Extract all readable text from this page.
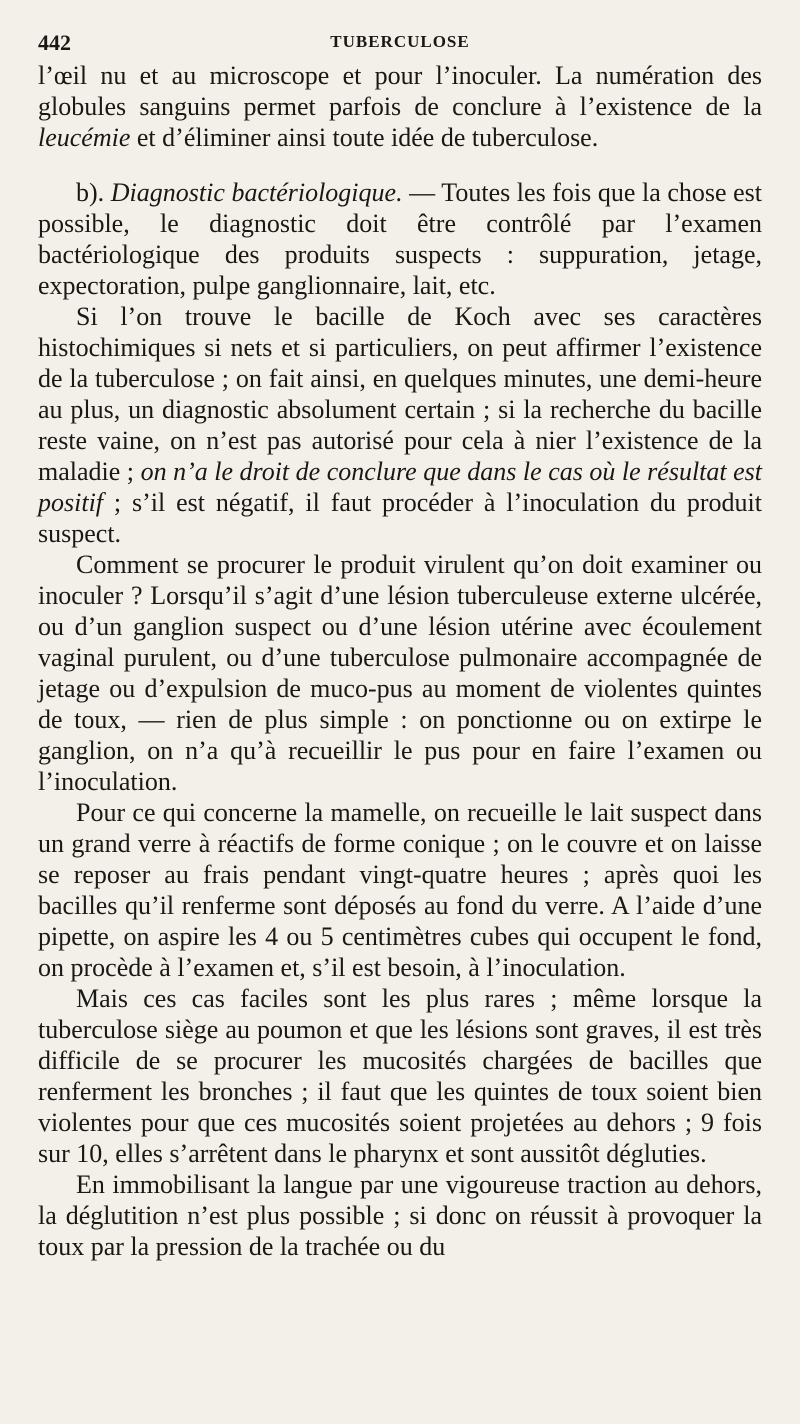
442	TUBERCULOSE

l’œil nu et au microscope et pour l’inoculer. La numération des globules sanguins permet parfois de conclure à l’existence de la leucémie et d’éliminer ainsi toute idée de tuberculose.

b). Diagnostic bactériologique. — Toutes les fois que la chose est possible, le diagnostic doit être contrôlé par l’examen bactériologique des produits suspects : suppuration, jetage, expectoration, pulpe ganglionnaire, lait, etc.

Si l’on trouve le bacille de Koch avec ses caractères histochimiques si nets et si particuliers, on peut affirmer l’existence de la tuberculose ; on fait ainsi, en quelques minutes, une demi-heure au plus, un diagnostic absolument certain ; si la recherche du bacille reste vaine, on n’est pas autorisé pour cela à nier l’existence de la maladie ; on n’a le droit de conclure que dans le cas où le résultat est positif ; s’il est négatif, il faut procéder à l’inoculation du produit suspect.

Comment se procurer le produit virulent qu’on doit examiner ou inoculer ? Lorsqu’il s’agit d’une lésion tuberculeuse externe ulcérée, ou d’un ganglion suspect ou d’une lésion utérine avec écoulement vaginal purulent, ou d’une tuberculose pulmonaire accompagnée de jetage ou d’expulsion de muco-pus au moment de violentes quintes de toux, — rien de plus simple : on ponctionne ou on extirpe le ganglion, on n’a qu’à recueillir le pus pour en faire l’examen ou l’inoculation.

Pour ce qui concerne la mamelle, on recueille le lait suspect dans un grand verre à réactifs de forme conique ; on le couvre et on laisse se reposer au frais pendant vingt-quatre heures ; après quoi les bacilles qu’il renferme sont déposés au fond du verre. A l’aide d’une pipette, on aspire les 4 ou 5 centimètres cubes qui occupent le fond, on procède à l’examen et, s’il est besoin, à l’inoculation.

Mais ces cas faciles sont les plus rares ; même lorsque la tuberculose siège au poumon et que les lésions sont graves, il est très difficile de se procurer les mucosités chargées de bacilles que renferment les bronches ; il faut que les quintes de toux soient bien violentes pour que ces mucosités soient projetées au dehors ; 9 fois sur 10, elles s’arrêtent dans le pharynx et sont aussitôt dégluties.

En immobilisant la langue par une vigoureuse traction au dehors, la déglutition n’est plus possible ; si donc on réussit à provoquer la toux par la pression de la trachée ou du
